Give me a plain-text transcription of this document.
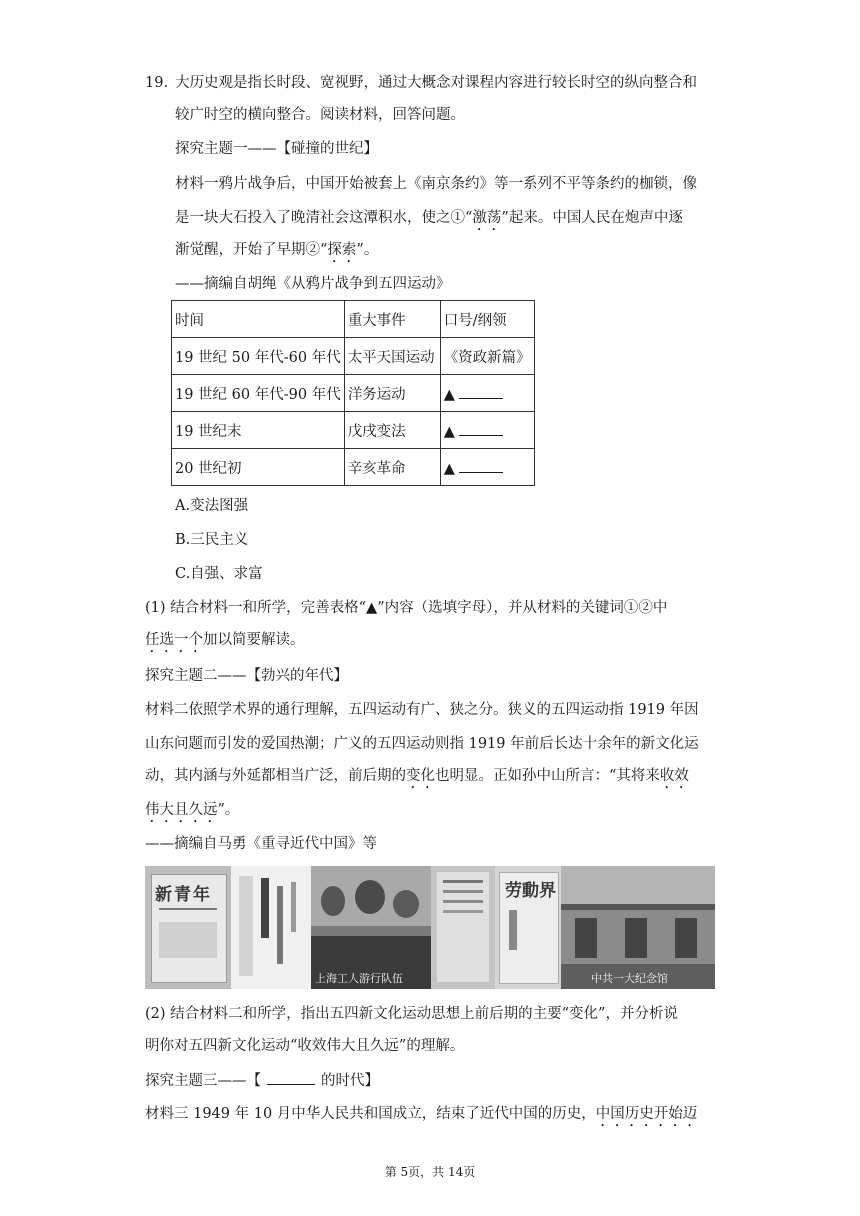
19. 大历史观是指长时段、宽视野，通过大概念对课程内容进行较长时空的纵向整合和
较广时空的横向整合。阅读材料，回答问题。
探究主题一——【碰撞的世纪】
材料一鸦片战争后，中国开始被套上《南京条约》等一系列不平等条约的枷锁，像
是一块大石投入了晚清社会这潭积水，使之①“激荡”起来。中国人民在炮声中逐
渐觉醒，开始了早期②“探索”。
——摘编自胡绳《从鸦片战争到五四运动》
时间	重大事件	口号/纲领
19 世纪 50 年代-60 年代	太平天国运动	《资政新篇》
19 世纪 60 年代-90 年代	洋务运动	▲
19 世纪末	戊戌变法	▲
20 世纪初	辛亥革命	▲
A.变法图强
B.三民主义
C.自强、求富
(1) 结合材料一和所学，完善表格“▲”内容（选填字母），并从材料的关键词①②中
任选一个加以简要解读。
探究主题二——【勃兴的年代】
材料二依照学术界的通行理解，五四运动有广、狭之分。狭义的五四运动指 1919 年因
山东问题而引发的爱国热潮；广义的五四运动则指 1919 年前后长达十余年的新文化运
动，其内涵与外延都相当广泛，前后期的变化也明显。正如孙中山所言：“其将来收效
伟大且久远”。
——摘编自马勇《重寻近代中国》等
新青年
上海工人游行队伍
劳動界
中共一大纪念馆
(2) 结合材料二和所学，指出五四新文化运动思想上前后期的主要“变化”，并分析说
明你对五四新文化运动“收效伟大且久远”的理解。
探究主题三——【	的时代】
材料三 1949 年 10 月中华人民共和国成立，结束了近代中国的历史，中国历史开始迈
第 5页，共 14页
